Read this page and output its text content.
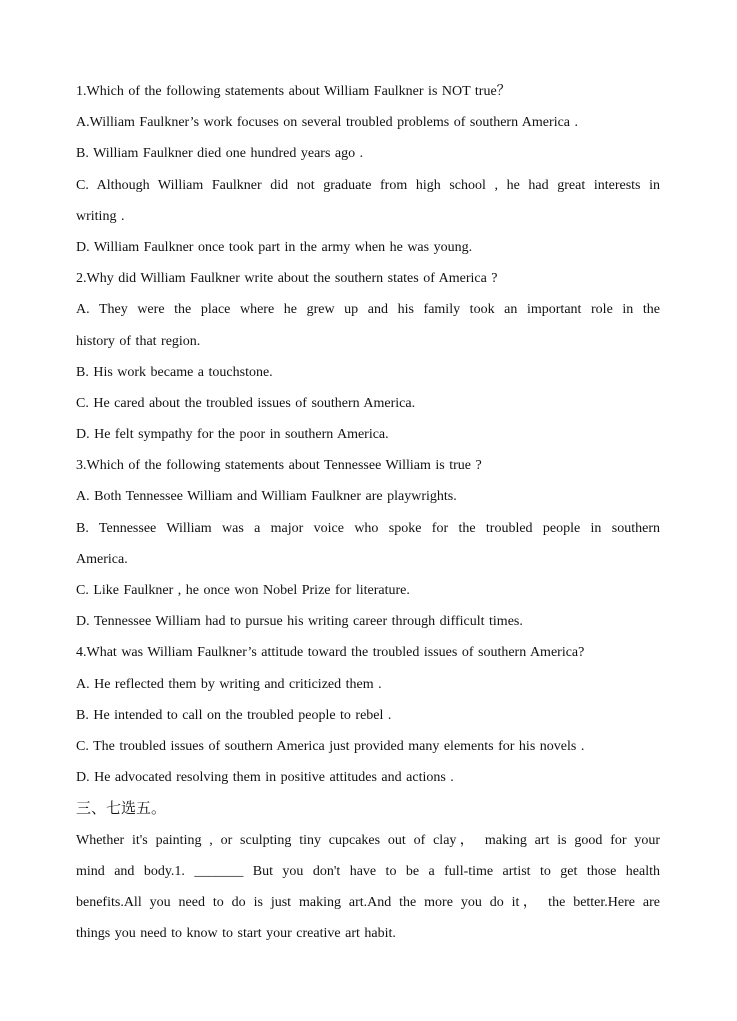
1.Which of the following statements about William Faulkner is NOT true？
A.William Faulkner’s work focuses on several troubled problems of southern America .
B. William Faulkner died one hundred years ago .
C. Although William Faulkner did not graduate from high school , he had great interests in
writing .
D. William Faulkner once took part in the army when he was young.
2.Why did William Faulkner write about the southern states of America ?
A. They were the place where he grew up and his family took an important role in the
history of that region.
B. His work became a touchstone.
C. He cared about the troubled issues of southern America.
D. He felt sympathy for the poor in southern America.
3.Which of the following statements about Tennessee William is true ?
A. Both Tennessee William and William Faulkner are playwrights.
B. Tennessee William was a major voice who spoke for the troubled people in southern
America.
C. Like Faulkner , he once won Nobel Prize for literature.
D. Tennessee William had to pursue his writing career through difficult times.
4.What was William Faulkner’s attitude toward the troubled issues of southern America?
A. He reflected them by writing and criticized them .
B. He intended to call on the troubled people to rebel .
C. The troubled issues of southern America just provided many elements for his novels .
D. He advocated resolving them in positive attitudes and actions .
三、七选五。
Whether it's painting , or sculpting tiny cupcakes out of clay， making art is good for your
mind and body.1. _______ But you don't have to be a full-time artist to get those health
benefits.All you need to do is just making art.And the more you do it， the better.Here are
things you need to know to start your creative art habit.
